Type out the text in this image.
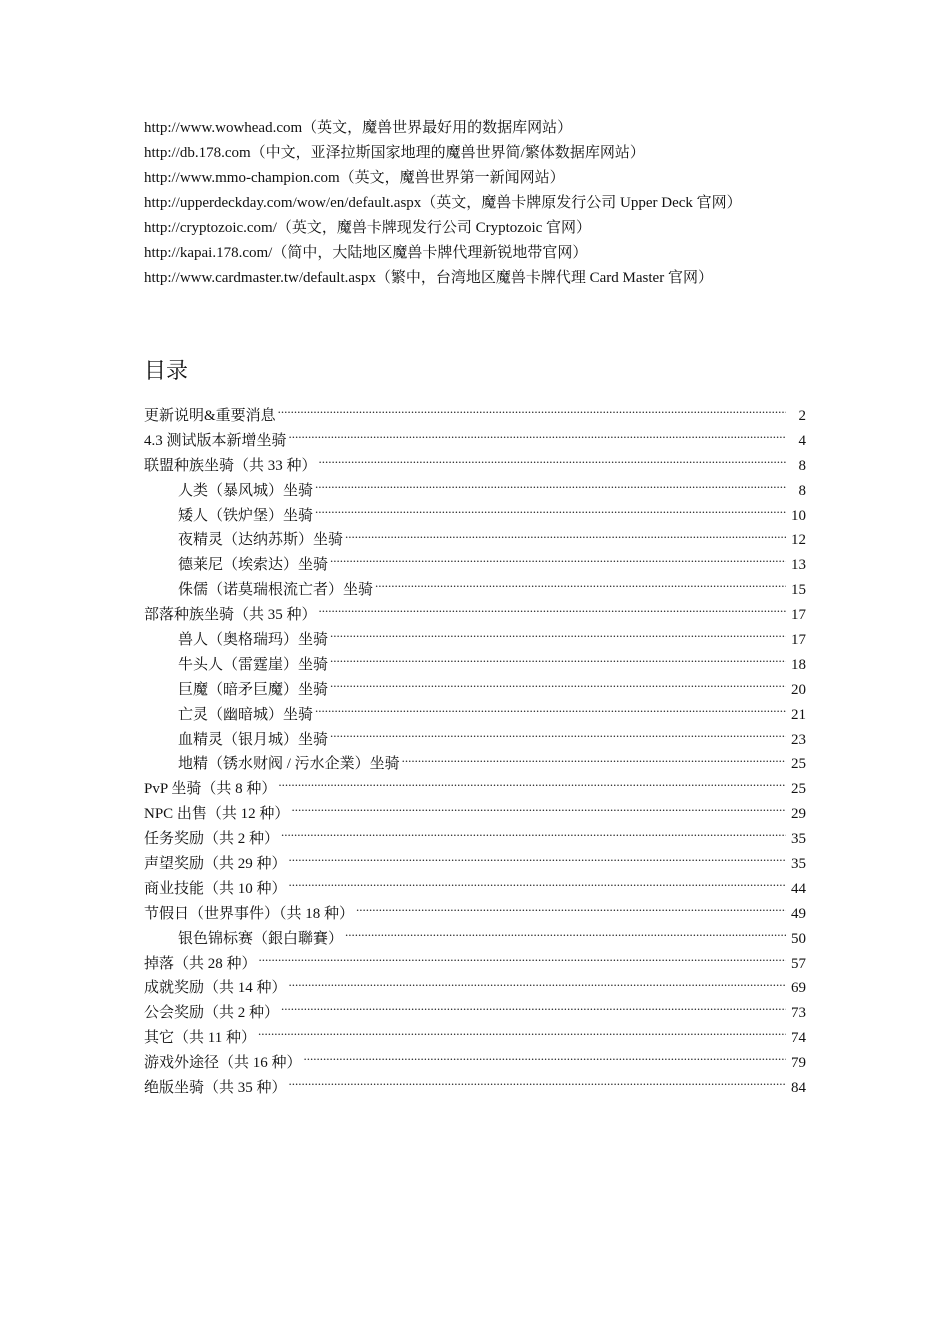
http://www.wowhead.com（英文，魔兽世界最好用的数据库网站）
http://db.178.com（中文，亚泽拉斯国家地理的魔兽世界简/繁体数据库网站）
http://www.mmo-champion.com（英文，魔兽世界第一新闻网站）
http://upperdeckday.com/wow/en/default.aspx（英文，魔兽卡牌原发行公司 Upper Deck 官网）
http://cryptozoic.com/（英文，魔兽卡牌现发行公司 Cryptozoic 官网）
http://kapai.178.com/（简中，大陆地区魔兽卡牌代理新锐地带官网）
http://www.cardmaster.tw/default.aspx（繁中，台湾地区魔兽卡牌代理 Card Master 官网）
目录
更新说明&重要消息 .....	2
4.3 测试版本新增坐骑 .....	4
联盟种族坐骑（共 33 种） .....	8
人类（暴风城）坐骑 .....	8
矮人（铁炉堡）坐骑 .....	10
夜精灵（达纳苏斯）坐骑 .....	12
德莱尼（埃索达）坐骑 .....	13
侏儒（诺莫瑞根流亡者）坐骑 .....	15
部落种族坐骑（共 35 种） .....	17
兽人（奥格瑞玛）坐骑 .....	17
牛头人（雷霆崖）坐骑 .....	18
巨魔（暗矛巨魔）坐骑 .....	20
亡灵（幽暗城）坐骑 .....	21
血精灵（银月城）坐骑 .....	23
地精（锈水财阀 / 污水企業）坐骑 .....	25
PvP 坐骑（共 8 种） .....	25
NPC 出售（共 12 种） .....	29
任务奖励（共 2 种） .....	35
声望奖励（共 29 种） .....	35
商业技能（共 10 种） .....	44
节假日（世界事件）（共 18 种） .....	49
银色锦标赛（銀白聯賽） .....	50
掉落（共 28 种） .....	57
成就奖励（共 14 种） .....	69
公会奖励（共 2 种） .....	73
其它（共 11 种） .....	74
游戏外途径（共 16 种） .....	79
绝版坐骑（共 35 种） .....	84
